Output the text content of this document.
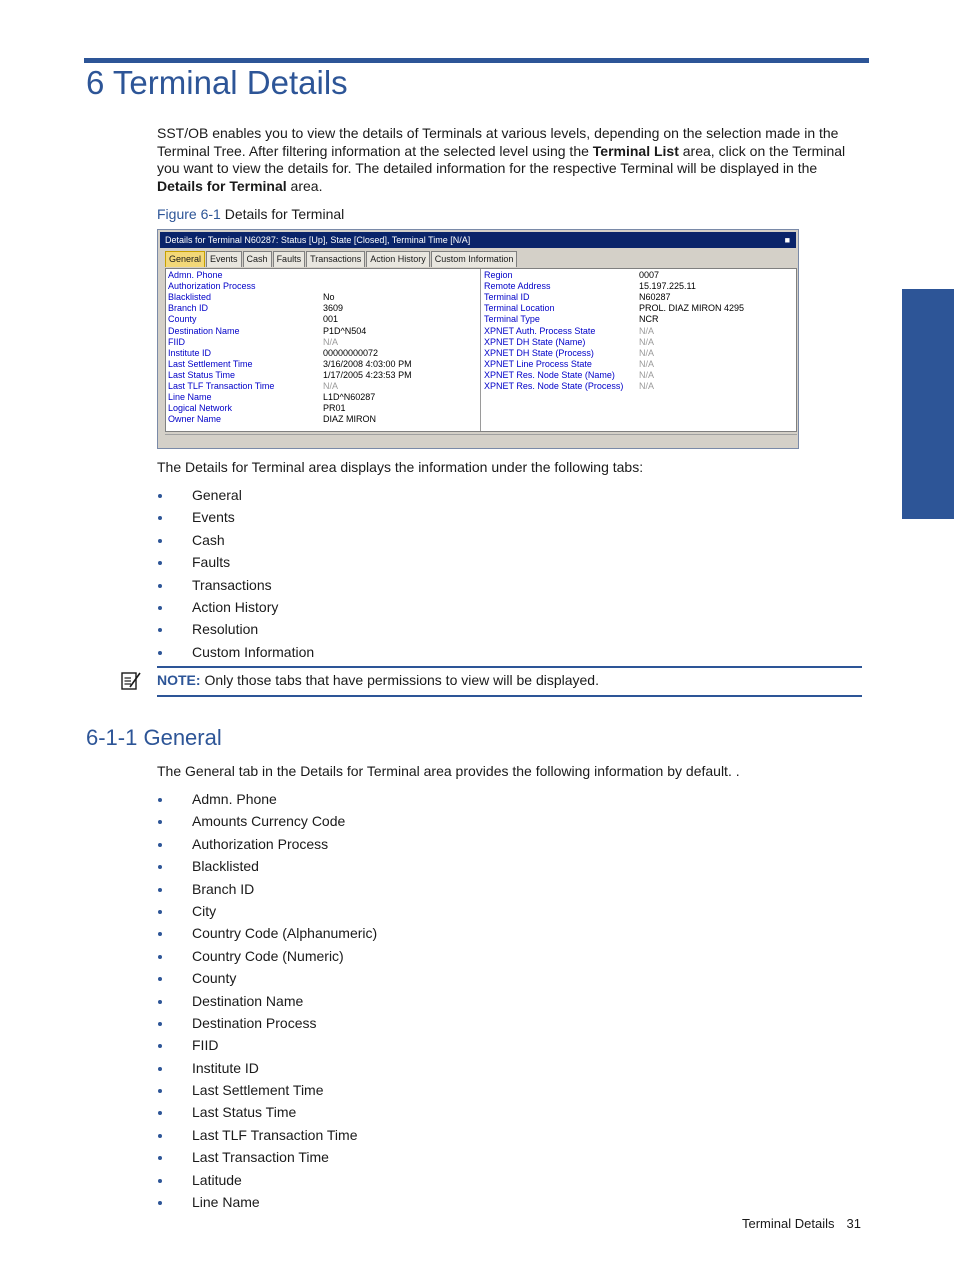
6 Terminal Details
Terminal Details

SST/OB enables you to view the details of Terminals at various levels, depending on the selection made in the Terminal Tree. After filtering information at the selected level using the Terminal List area, click on the Terminal you want to view the details for. The detailed information for the respective Terminal will be displayed in the Details for Terminal area.

Figure 6-1 Details for Terminal
Details for Terminal N60287: Status [Up], State [Closed], Terminal Time [N/A]	■
General	Events	Cash	Faults	Transactions	Action History	Custom Information
Admn. Phone
Authorization Process
Blacklisted	No
Branch ID	3609
County	001
Destination Name	P1D^N504
FIID	N/A
Institute ID	00000000072
Last Settlement Time	3/16/2008 4:03:00 PM
Last Status Time	1/17/2005 4:23:53 PM
Last TLF Transaction Time	N/A
Line Name	L1D^N60287
Logical Network	PR01
Owner Name	DIAZ MIRON
Region	0007
Remote Address	15.197.225.11
Terminal ID	N60287
Terminal Location	PROL. DIAZ MIRON 4295
Terminal Type	NCR
XPNET Auth. Process State	N/A
XPNET DH State (Name)	N/A
XPNET DH State (Process)	N/A
XPNET Line Process State	N/A
XPNET Res. Node State (Name)	N/A
XPNET Res. Node State (Process) N/A

The Details for Terminal area displays the information under the following tabs:

General
Events
Cash
Faults
Transactions
Action History
Resolution
Custom Information
NOTE: Only those tabs that have permissions to view will be displayed.
6-1-1 General

The General tab in the Details for Terminal area provides the following information by default. .

Admn. Phone
Amounts Currency Code
Authorization Process
Blacklisted
Branch ID
City
Country Code (Alphanumeric)
Country Code (Numeric)
County
Destination Name
Destination Process
FIID
Institute ID
Last Settlement Time
Last Status Time
Last TLF Transaction Time
Last Transaction Time
Latitude
Line Name
Terminal Details 31
